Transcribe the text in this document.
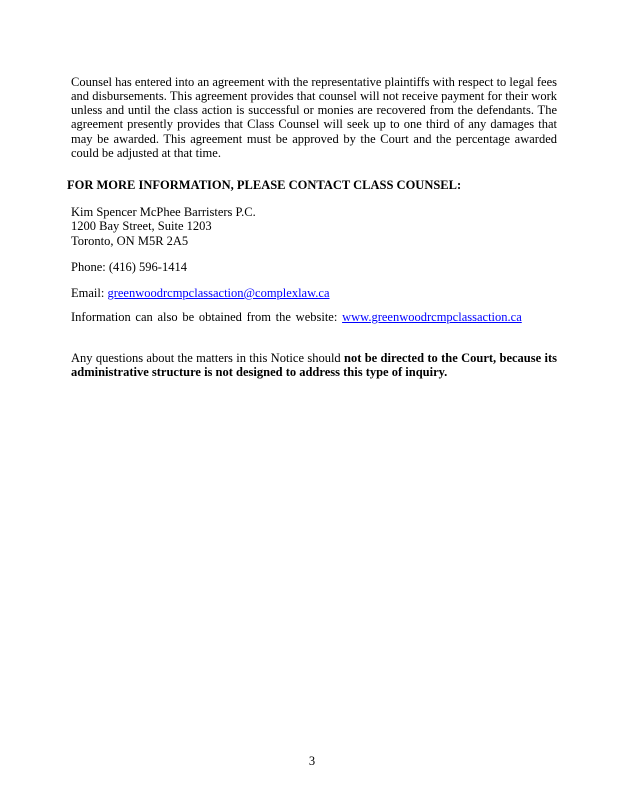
Counsel has entered into an agreement with the representative plaintiffs with respect to legal fees and disbursements. This agreement provides that counsel will not receive payment for their work unless and until the class action is successful or monies are recovered from the defendants. The agreement presently provides that Class Counsel will seek up to one third of any damages that may be awarded. This agreement must be approved by the Court and the percentage awarded could be adjusted at that time.

FOR MORE INFORMATION, PLEASE CONTACT CLASS COUNSEL:

Kim Spencer McPhee Barristers P.C.
1200 Bay Street, Suite 1203
Toronto, ON M5R 2A5
Phone: (416) 596-1414
Email: greenwoodrcmpclassaction@complexlaw.ca
Information can also be obtained from the website: www.greenwoodrcmpclassaction.ca

Any questions about the matters in this Notice should not be directed to the Court, because its administrative structure is not designed to address this type of inquiry.

3
